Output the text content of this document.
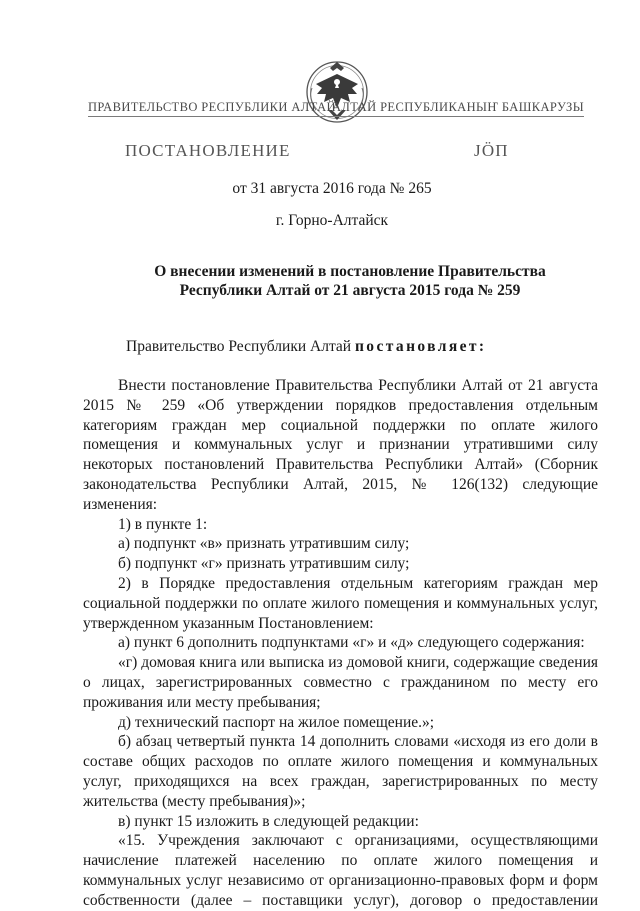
ПРАВИТЕЛЬСТВО РЕСПУБЛИКИ АЛТАЙ
АЛТАЙ РЕСПУБЛИКАНЫҤ БАШКАРУЗЫ
ПОСТАНОВЛЕНИЕ	JÖП
от 31 августа 2016 года № 265
г. Горно-Алтайск
О внесении изменений в постановление Правительства
Республики Алтай от 21 августа 2015 года № 259
Правительство Республики Алтай постановляет:

Внести постановление Правительства Республики Алтай от 21 августа 2015 № 259 «Об утверждении порядков предоставления отдельным категориям граждан мер социальной поддержки по оплате жилого помещения и коммунальных услуг и признании утратившими силу некоторых постановлений Правительства Республики Алтай» (Сборник законодательства Республики Алтай, 2015, № 126(132) следующие изменения:

1) в пункте 1:

а) подпункт «в» признать утратившим силу;

б) подпункт «г» признать утратившим силу;

2) в Порядке предоставления отдельным категориям граждан мер социальной поддержки по оплате жилого помещения и коммунальных услуг, утвержденном указанным Постановлением:

а) пункт 6 дополнить подпунктами «г» и «д» следующего содержания:

«г) домовая книга или выписка из домовой книги, содержащие сведения о лицах, зарегистрированных совместно с гражданином по месту его проживания или месту пребывания;

д) технический паспорт на жилое помещение.»;

б) абзац четвертый пункта 14 дополнить словами «исходя из его доли в составе общих расходов по оплате жилого помещения и коммунальных услуг, приходящихся на всех граждан, зарегистрированных по месту жительства (месту пребывания)»;

в) пункт 15 изложить в следующей редакции:

«15. Учреждения заключают с организациями, осуществляющими начисление платежей населению по оплате жилого помещения и коммунальных услуг независимо от организационно-правовых форм и форм собственности (далее – поставщики услуг), договор о предоставлении
